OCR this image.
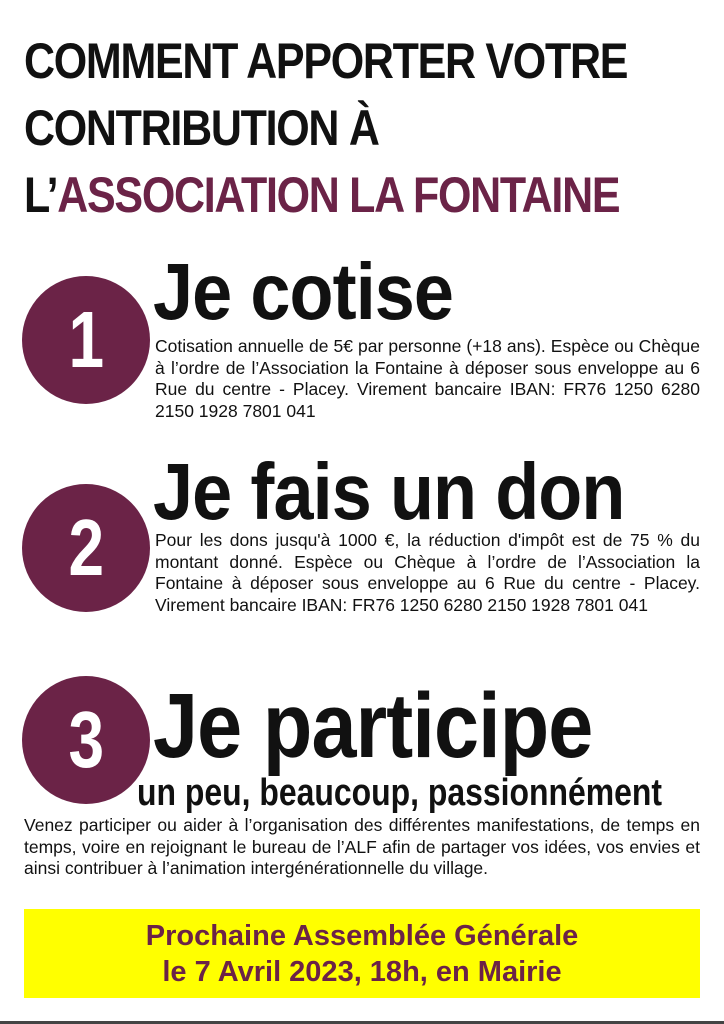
COMMENT APPORTER VOTRE
CONTRIBUTION À
L’ASSOCIATION LA FONTAINE
1
Je cotise
Cotisation annuelle de 5€ par personne (+18 ans). Espèce ou Chèque à l’ordre de l’Association la Fontaine à déposer sous enveloppe au 6 Rue du centre - Placey. Virement bancaire IBAN: FR76 1250 6280 2150 1928 7801 041
2
Je fais un don
Pour les dons jusqu'à 1000 €, la réduction d'impôt est de 75 % du montant donné. Espèce ou Chèque à l’ordre de l’Association la Fontaine à déposer sous enveloppe au 6 Rue du centre - Placey. Virement bancaire IBAN: FR76 1250 6280 2150 1928 7801 041
3 Je participe
un peu, beaucoup, passionnément
Venez participer ou aider à l’organisation des différentes manifestations, de temps en temps, voire en rejoignant le bureau de l’ALF afin de partager vos idées, vos envies et ainsi contribuer à l’animation intergénérationnelle du village.
Prochaine Assemblée Générale
le 7 Avril 2023, 18h, en Mairie
